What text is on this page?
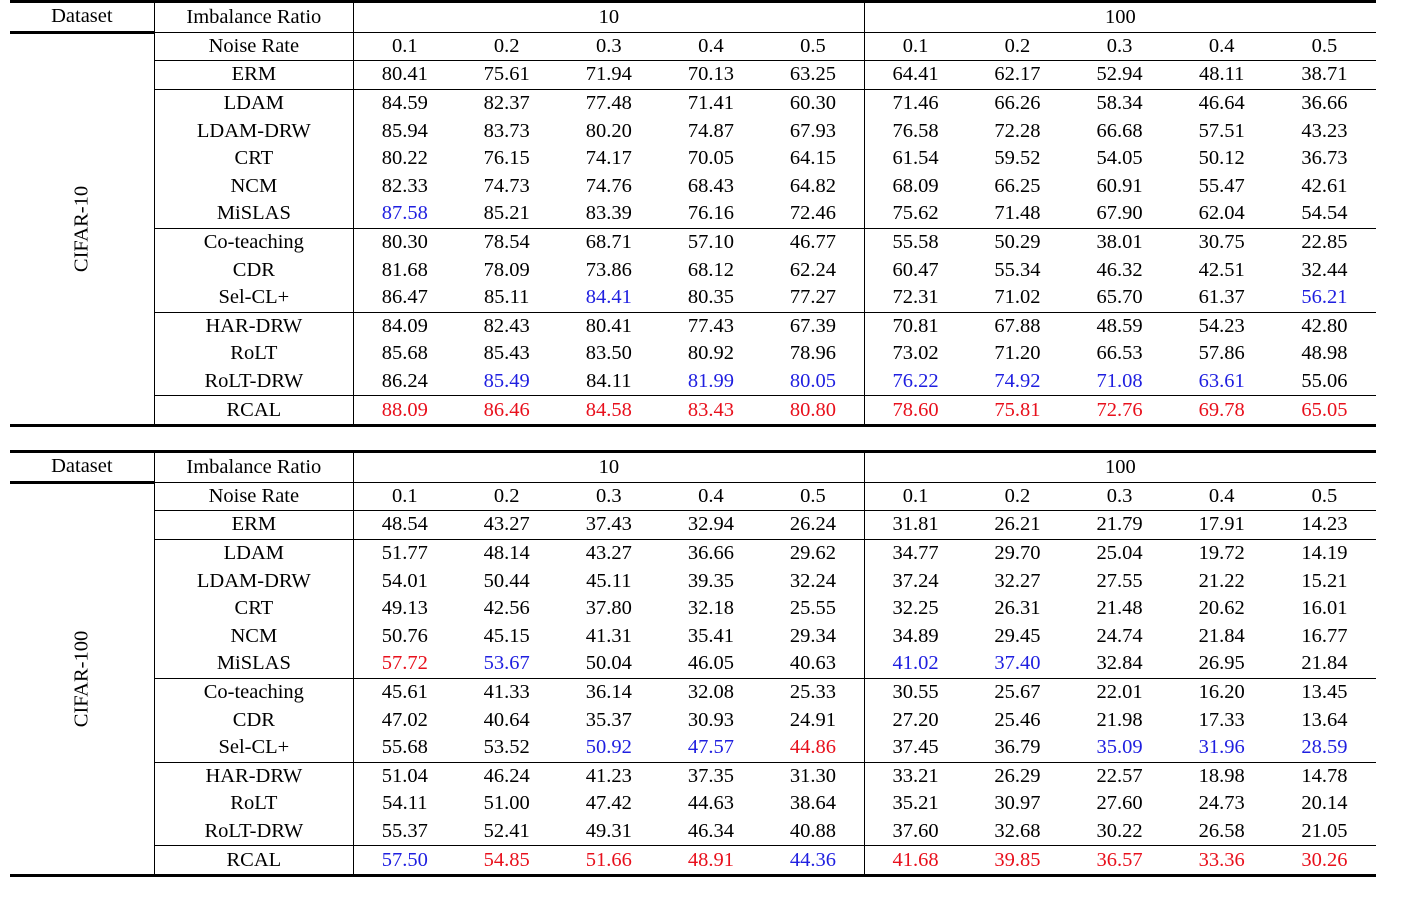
Dataset	Imbalance Ratio	10					100				

CIFAR-10	Noise Rate	0.1	0.2	0.3	0.4	0.5	0.1	0.2	0.3	0.4	0.5
	ERM	80.41	75.61	71.94	70.13	63.25	64.41	62.17	52.94	48.11	38.71
	LDAM	84.59	82.37	77.48	71.41	60.30	71.46	66.26	58.34	46.64	36.66
	LDAM-DRW	85.94	83.73	80.20	74.87	67.93	76.58	72.28	66.68	57.51	43.23
	CRT	80.22	76.15	74.17	70.05	64.15	61.54	59.52	54.05	50.12	36.73
	NCM	82.33	74.73	74.76	68.43	64.82	68.09	66.25	60.91	55.47	42.61
	MiSLAS	87.58	85.21	83.39	76.16	72.46	75.62	71.48	67.90	62.04	54.54
	Co-teaching	80.30	78.54	68.71	57.10	46.77	55.58	50.29	38.01	30.75	22.85
	CDR	81.68	78.09	73.86	68.12	62.24	60.47	55.34	46.32	42.51	32.44
	Sel-CL+	86.47	85.11	84.41	80.35	77.27	72.31	71.02	65.70	61.37	56.21
	HAR-DRW	84.09	82.43	80.41	77.43	67.39	70.81	67.88	48.59	54.23	42.80
	RoLT	85.68	85.43	83.50	80.92	78.96	73.02	71.20	66.53	57.86	48.98
	RoLT-DRW	86.24	85.49	84.11	81.99	80.05	76.22	74.92	71.08	63.61	55.06
	RCAL	88.09	86.46	84.58	83.43	80.80	78.60	75.81	72.76	69.78	65.05
Dataset	Imbalance Ratio	10					100				

CIFAR-100	Noise Rate	0.1	0.2	0.3	0.4	0.5	0.1	0.2	0.3	0.4	0.5
	ERM	48.54	43.27	37.43	32.94	26.24	31.81	26.21	21.79	17.91	14.23
	LDAM	51.77	48.14	43.27	36.66	29.62	34.77	29.70	25.04	19.72	14.19
	LDAM-DRW	54.01	50.44	45.11	39.35	32.24	37.24	32.27	27.55	21.22	15.21
	CRT	49.13	42.56	37.80	32.18	25.55	32.25	26.31	21.48	20.62	16.01
	NCM	50.76	45.15	41.31	35.41	29.34	34.89	29.45	24.74	21.84	16.77
	MiSLAS	57.72	53.67	50.04	46.05	40.63	41.02	37.40	32.84	26.95	21.84
	Co-teaching	45.61	41.33	36.14	32.08	25.33	30.55	25.67	22.01	16.20	13.45
	CDR	47.02	40.64	35.37	30.93	24.91	27.20	25.46	21.98	17.33	13.64
	Sel-CL+	55.68	53.52	50.92	47.57	44.86	37.45	36.79	35.09	31.96	28.59
	HAR-DRW	51.04	46.24	41.23	37.35	31.30	33.21	26.29	22.57	18.98	14.78
	RoLT	54.11	51.00	47.42	44.63	38.64	35.21	30.97	27.60	24.73	20.14
	RoLT-DRW	55.37	52.41	49.31	46.34	40.88	37.60	32.68	30.22	26.58	21.05
	RCAL	57.50	54.85	51.66	48.91	44.36	41.68	39.85	36.57	33.36	30.26
